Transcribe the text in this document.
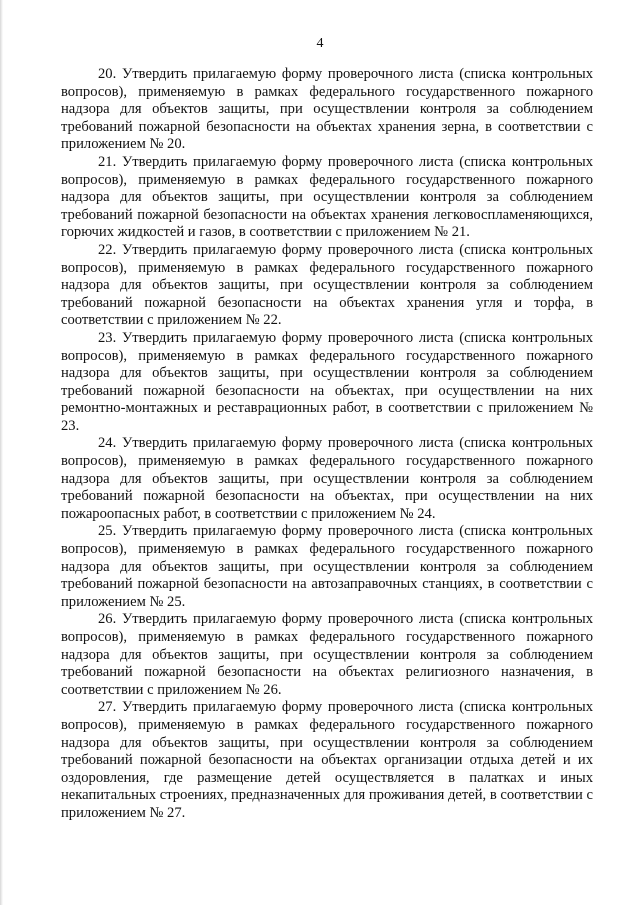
4

20. Утвердить прилагаемую форму проверочного листа (списка контрольных вопросов), применяемую в рамках федерального государственного пожарного надзора для объектов защиты, при осуществлении контроля за соблюдением требований пожарной безопасности на объектах хранения зерна, в соответствии с приложением № 20.

21. Утвердить прилагаемую форму проверочного листа (списка контрольных вопросов), применяемую в рамках федерального государственного пожарного надзора для объектов защиты, при осуществлении контроля за соблюдением требований пожарной безопасности на объектах хранения легковоспламеняющихся, горючих жидкостей и газов, в соответствии с приложением № 21.

22. Утвердить прилагаемую форму проверочного листа (списка контрольных вопросов), применяемую в рамках федерального государственного пожарного надзора для объектов защиты, при осуществлении контроля за соблюдением требований пожарной безопасности на объектах хранения угля и торфа, в соответствии с приложением № 22.

23. Утвердить прилагаемую форму проверочного листа (списка контрольных вопросов), применяемую в рамках федерального государственного пожарного надзора для объектов защиты, при осуществлении контроля за соблюдением требований пожарной безопасности на объектах, при осуществлении на них ремонтно-монтажных и реставрационных работ, в соответствии с приложением № 23.

24. Утвердить прилагаемую форму проверочного листа (списка контрольных вопросов), применяемую в рамках федерального государственного пожарного надзора для объектов защиты, при осуществлении контроля за соблюдением требований пожарной безопасности на объектах, при осуществлении на них пожароопасных работ, в соответствии с приложением № 24.

25. Утвердить прилагаемую форму проверочного листа (списка контрольных вопросов), применяемую в рамках федерального государственного пожарного надзора для объектов защиты, при осуществлении контроля за соблюдением требований пожарной безопасности на автозаправочных станциях, в соответствии с приложением № 25.

26. Утвердить прилагаемую форму проверочного листа (списка контрольных вопросов), применяемую в рамках федерального государственного пожарного надзора для объектов защиты, при осуществлении контроля за соблюдением требований пожарной безопасности на объектах религиозного назначения, в соответствии с приложением № 26.

27. Утвердить прилагаемую форму проверочного листа (списка контрольных вопросов), применяемую в рамках федерального государственного пожарного надзора для объектов защиты, при осуществлении контроля за соблюдением требований пожарной безопасности на объектах организации отдыха детей и их оздоровления, где размещение детей осуществляется в палатках и иных некапитальных строениях, предназначенных для проживания детей, в соответствии с приложением № 27.
